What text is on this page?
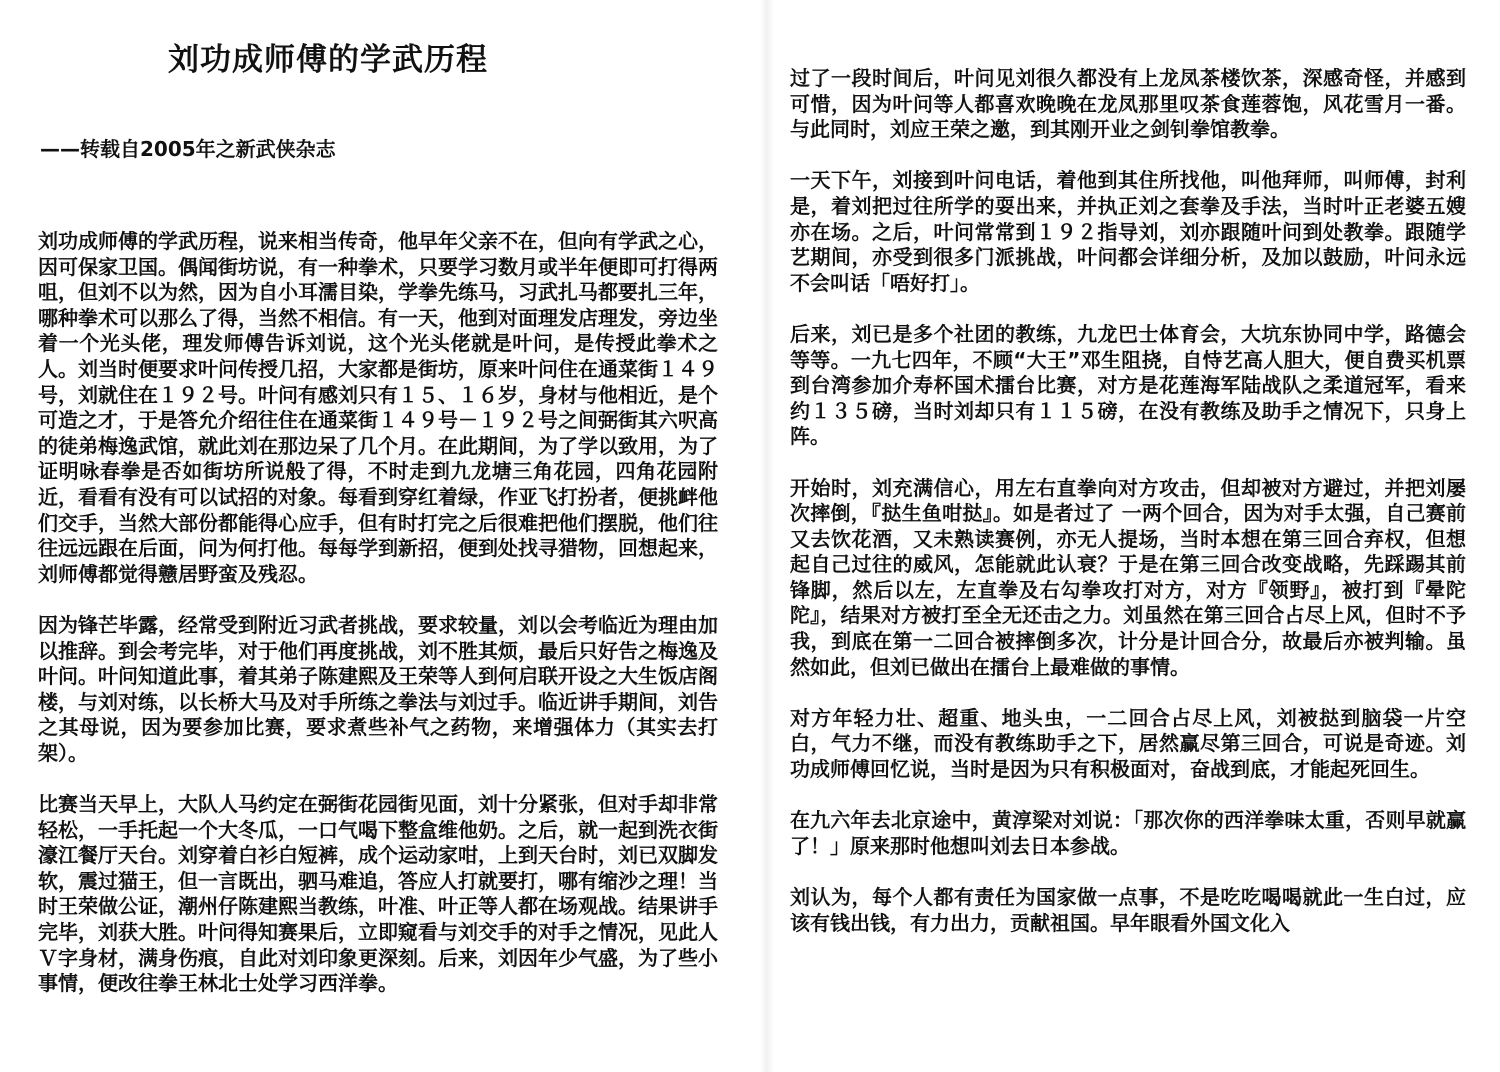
刘功成师傅的学武历程
——转载自2005年之新武侠杂志

刘功成师傅的学武历程，说来相当传奇，他早年父亲不在，但向有学武之心，因可保家卫国。偶闻街坊说，有一种拳术，只要学习数月或半年便即可打得两咀，但刘不以为然，因为自小耳濡目染，学拳先练马，习武扎马都要扎三年，哪种拳术可以那么了得，当然不相信。有一天，他到对面理发店理发，旁边坐着一个光头佬，理发师傅告诉刘说，这个光头佬就是叶问，是传授此拳术之人。刘当时便要求叶问传授几招，大家都是街坊，原来叶问住在通菜街１４９号，刘就住在１９２号。叶问有感刘只有１５、１６岁，身材与他相近，是个可造之才，于是答允介绍往住在通菜街１４９号－１９２号之间弼街其六呎高的徒弟梅逸武馆，就此刘在那边呆了几个月。在此期间，为了学以致用，为了证明咏春拳是否如街坊所说般了得，不时走到九龙塘三角花园，四角花园附近，看看有没有可以试招的对象。每看到穿红着绿，作亚飞打扮者，便挑衅他们交手，当然大部份都能得心应手，但有时打完之后很难把他们摆脱，他们往往远远跟在后面，问为何打他。每每学到新招，便到处找寻猎物，回想起来，刘师傅都觉得戆居野蛮及残忍。

因为锋芒毕露，经常受到附近习武者挑战，要求较量，刘以会考临近为理由加以推辞。到会考完毕，对于他们再度挑战，刘不胜其烦，最后只好告之梅逸及叶问。叶问知道此事，着其弟子陈建熙及王荣等人到何启联开设之大生饭店阁楼，与刘对练，以长桥大马及对手所练之拳法与刘过手。临近讲手期间，刘告之其母说，因为要参加比赛，要求煮些补气之药物，来增强体力（其实去打架）。

比赛当天早上，大队人马约定在弼街花园街见面，刘十分紧张，但对手却非常轻松，一手托起一个大冬瓜，一口气喝下整盒维他奶。之后，就一起到洗衣街濠江餐厅天台。刘穿着白衫白短裤，成个运动家咁，上到天台时，刘已双脚发软，震过猫王，但一言既出，驷马难追，答应人打就要打，哪有缩沙之理！当时王荣做公证，潮州仔陈建熙当教练，叶准、叶正等人都在场观战。结果讲手完毕，刘获大胜。叶问得知赛果后，立即窥看与刘交手的对手之情况，见此人Ｖ字身材，满身伤痕，自此对刘印象更深刻。后来，刘因年少气盛，为了些小事情，便改往拳王林北士处学习西洋拳。

过了一段时间后，叶问见刘很久都没有上龙凤茶楼饮茶，深感奇怪，并感到可惜，因为叶问等人都喜欢晚晚在龙凤那里叹茶食莲蓉饱，风花雪月一番。与此同时，刘应王荣之邀，到其刚开业之剑钊拳馆教拳。

一天下午，刘接到叶问电话，着他到其住所找他，叫他拜师，叫师傅，封利是，着刘把过往所学的耍出来，并执正刘之套拳及手法，当时叶正老婆五嫂亦在场。之后，叶问常常到１９２指导刘，刘亦跟随叶问到处教拳。跟随学艺期间，亦受到很多门派挑战，叶问都会详细分析，及加以鼓励，叶问永远不会叫话「唔好打」。

后来，刘已是多个社团的教练，九龙巴士体育会，大坑东协同中学，路德会等等。一九七四年，不顾“大王”邓生阻挠，自恃艺高人胆大，便自费买机票到台湾参加介寿杯国术擂台比赛，对方是花莲海军陆战队之柔道冠军，看来约１３５磅，当时刘却只有１１５磅，在没有教练及助手之情况下，只身上阵。

开始时，刘充满信心，用左右直拳向对方攻击，但却被对方避过，并把刘屡次摔倒，『挞生鱼咁挞』。如是者过了 一两个回合，因为对手太强，自己赛前又去饮花酒，又未熟读赛例，亦无人提场，当时本想在第三回合弃权，但想起自己过往的威风，怎能就此认衰？于是在第三回合改变战略，先踩踢其前锋脚，然后以左，左直拳及右勾拳攻打对方，对方『领野』，被打到『晕陀陀』，结果对方被打至全无还击之力。刘虽然在第三回合占尽上风，但时不予我，到底在第一二回合被摔倒多次，计分是计回合分，故最后亦被判输。虽然如此，但刘已做出在擂台上最难做的事情。

对方年轻力壮、超重、地头虫，一二回合占尽上风，刘被挞到脑袋一片空白，气力不继，而没有教练助手之下，居然赢尽第三回合，可说是奇迹。刘功成师傅回忆说，当时是因为只有积极面对，奋战到底，才能起死回生。

在九六年去北京途中，黄淳梁对刘说：「那次你的西洋拳味太重，否则早就赢了！」原来那时他想叫刘去日本参战。

刘认为，每个人都有责任为国家做一点事，不是吃吃喝喝就此一生白过，应该有钱出钱，有力出力，贡献祖国。早年眼看外国文化入
